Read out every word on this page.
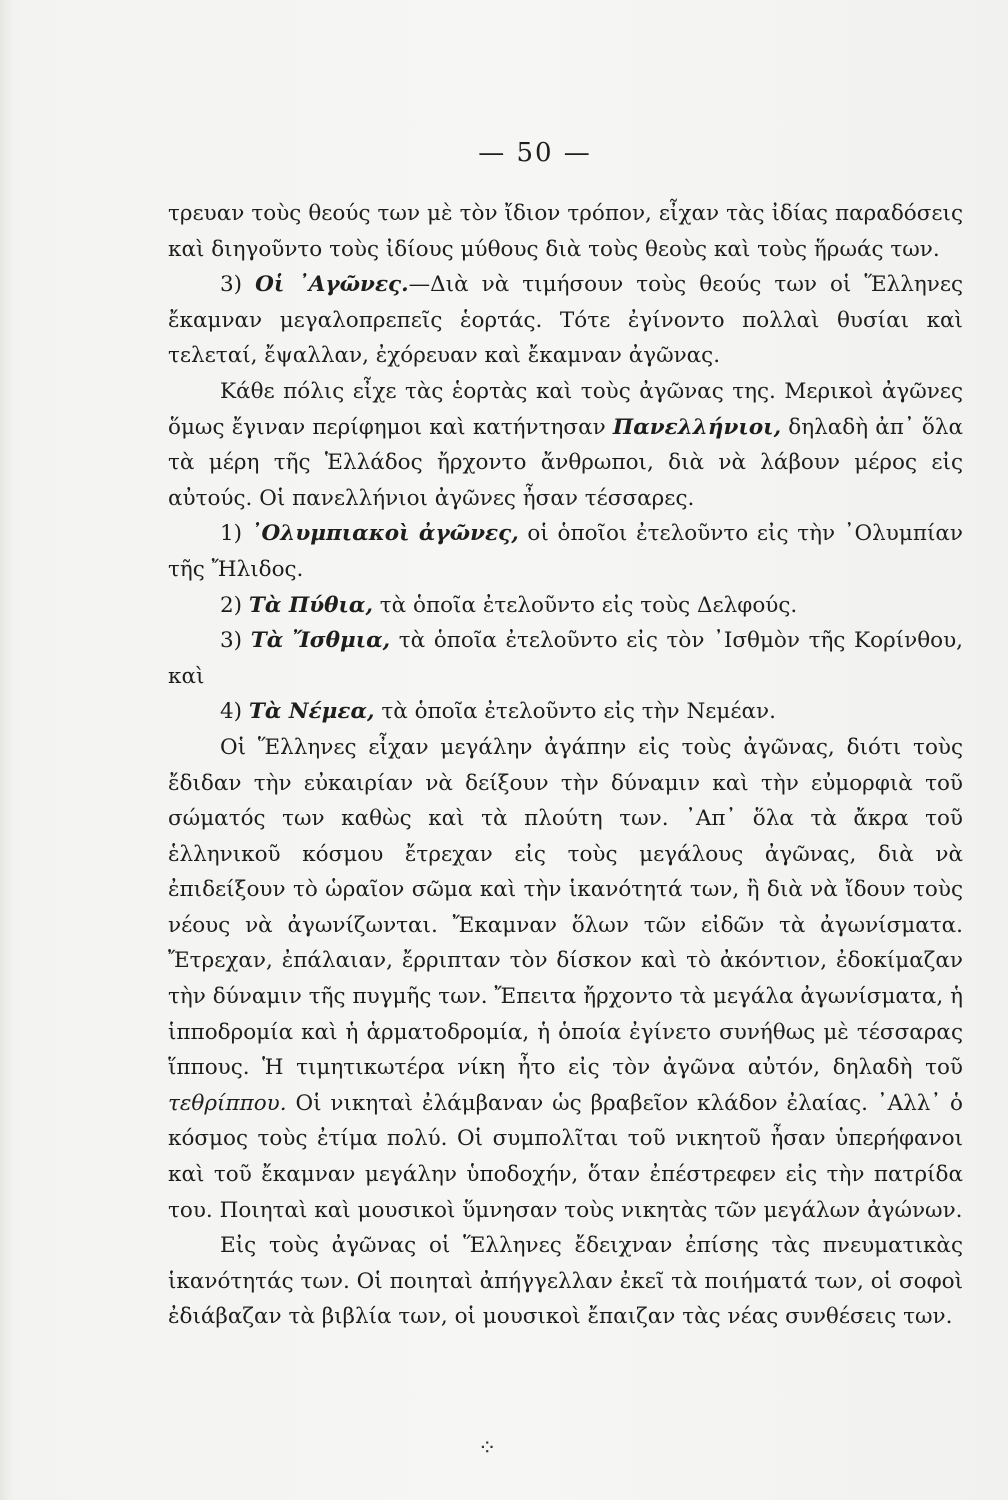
— 50 —

τρευαν τοὺς θεούς των μὲ τὸν ἴδιον τρόπον, εἶχαν τὰς ἰδίας παραδόσεις καὶ διηγοῦντο τοὺς ἰδίους μύθους διὰ τοὺς θεοὺς καὶ τοὺς ἥρωάς των.

3) Οἱ ᾿Αγῶνες.—Διὰ νὰ τιμήσουν τοὺς θεούς των οἱ Ἕλληνες ἔκαμναν μεγαλοπρεπεῖς ἑορτάς. Τότε ἐγίνοντο πολλαὶ θυσίαι καὶ τελεταί, ἔψαλλαν, ἐχόρευαν καὶ ἔκαμναν ἀγῶνας.

Κάθε πόλις εἶχε τὰς ἑορτὰς καὶ τοὺς ἀγῶνας της. Μερικοὶ ἀγῶνες ὅμως ἔγιναν περίφημοι καὶ κατήντησαν Πανελλήνιοι, δηλαδὴ ἀπ᾿ ὅλα τὰ μέρη τῆς Ἑλλάδος ἤρχοντο ἄνθρωποι, διὰ νὰ λάβουν μέρος εἰς αὐτούς. Οἱ πανελλήνιοι ἀγῶνες ἦσαν τέσσαρες.

1) ᾿Ολυμπιακοὶ ἀγῶνες, οἱ ὁποῖοι ἐτελοῦντο εἰς τὴν ᾿Ολυμπίαν τῆς Ἤλιδος.

2) Τὰ Πύθια, τὰ ὁποῖα ἐτελοῦντο εἰς τοὺς Δελφούς.

3) Τὰ Ἴσθμια, τὰ ὁποῖα ἐτελοῦντο εἰς τὸν ᾿Ισθμὸν τῆς Κορίνθου, καὶ

4) Τὰ Νέμεα, τὰ ὁποῖα ἐτελοῦντο εἰς τὴν Νεμέαν.

Οἱ Ἕλληνες εἶχαν μεγάλην ἀγάπην εἰς τοὺς ἀγῶνας, διότι τοὺς ἔδιδαν τὴν εὐκαιρίαν νὰ δείξουν τὴν δύναμιν καὶ τὴν εὐμορφιὰ τοῦ σώματός των καθὼς καὶ τὰ πλούτη των. ᾿Απ᾿ ὅλα τὰ ἄκρα τοῦ ἑλληνικοῦ κόσμου ἔτρεχαν εἰς τοὺς μεγάλους ἀγῶνας, διὰ νὰ ἐπιδείξουν τὸ ὡραῖον σῶμα καὶ τὴν ἱκανότητά των, ἢ διὰ νὰ ἴδουν τοὺς νέους νὰ ἀγωνίζωνται. Ἔκαμναν ὅλων τῶν εἰδῶν τὰ ἀγωνίσματα. Ἔτρεχαν, ἐπάλαιαν, ἔρριπταν τὸν δίσκον καὶ τὸ ἀκόντιον, ἐδοκίμαζαν τὴν δύναμιν τῆς πυγμῆς των. Ἔπειτα ἤρχοντο τὰ μεγάλα ἀγωνίσματα, ἡ ἱπποδρομία καὶ ἡ ἁρματοδρομία, ἡ ὁποία ἐγίνετο συνήθως μὲ τέσσαρας ἵππους. Ἡ τιμητικωτέρα νίκη ἦτο εἰς τὸν ἀγῶνα αὐτόν, δηλαδὴ τοῦ τεθρίππου. Οἱ νικηταὶ ἐλάμβαναν ὡς βραβεῖον κλάδον ἐλαίας. ᾿Αλλ᾿ ὁ κόσμος τοὺς ἐτίμα πολύ. Οἱ συμπολῖται τοῦ νικητοῦ ἦσαν ὑπερήφανοι καὶ τοῦ ἔκαμναν μεγάλην ὑποδοχήν, ὅταν ἐπέστρεφεν εἰς τὴν πατρίδα του. Ποιηταὶ καὶ μουσικοὶ ὕμνησαν τοὺς νικητὰς τῶν μεγάλων ἀγώνων.

Εἰς τοὺς ἀγῶνας οἱ Ἕλληνες ἔδειχναν ἐπίσης τὰς πνευματικὰς ἱκανότητάς των. Οἱ ποιηταὶ ἀπήγγελλαν ἐκεῖ τὰ ποιήματά των, οἱ σοφοὶ ἐδιάβαζαν τὰ βιβλία των, οἱ μουσικοὶ ἔπαιζαν τὰς νέας συνθέσεις των.

⁘
